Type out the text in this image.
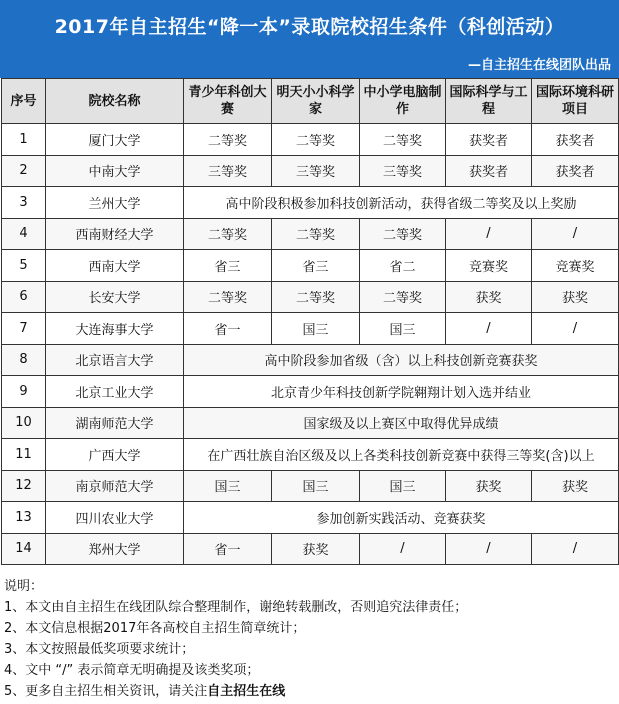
2017年自主招生“降一本”录取院校招生条件（科创活动）
—自主招生在线团队出品
序号	院校名称	青少年科创大赛	明天小小科学家	中小学电脑制作	国际科学与工程	国际环境科研项目
1	厦门大学	二等奖	二等奖	二等奖	获奖者	获奖者
2	中南大学	三等奖	三等奖	三等奖	获奖者	获奖者
3	兰州大学	高中阶段积极参加科技创新活动，获得省级二等奖及以上奖励				
4	西南财经大学	二等奖	二等奖	二等奖	/	/
5	西南大学	省三	省三	省二	竞赛奖	竞赛奖
6	长安大学	二等奖	二等奖	二等奖	获奖	获奖
7	大连海事大学	省一	国三	国三	/	/
8	北京语言大学	高中阶段参加省级（含）以上科技创新竞赛获奖				
9	北京工业大学	北京青少年科技创新学院翱翔计划入选并结业				
10	湖南师范大学	国家级及以上赛区中取得优异成绩				
11	广西大学	在广西壮族自治区级及以上各类科技创新竞赛中获得三等奖(含)以上				
12	南京师范大学	国三	国三	国三	获奖	获奖
13	四川农业大学	参加创新实践活动、竞赛获奖				
14	郑州大学	省一	获奖	/	/	/
说明：
1、本文由自主招生在线团队综合整理制作，谢绝转载删改，否则追究法律责任；
2、本文信息根据2017年各高校自主招生简章统计；
3、本文按照最低奖项要求统计；
4、文中 “/” 表示简章无明确提及该类奖项；
5、更多自主招生相关资讯，请关注自主招生在线
